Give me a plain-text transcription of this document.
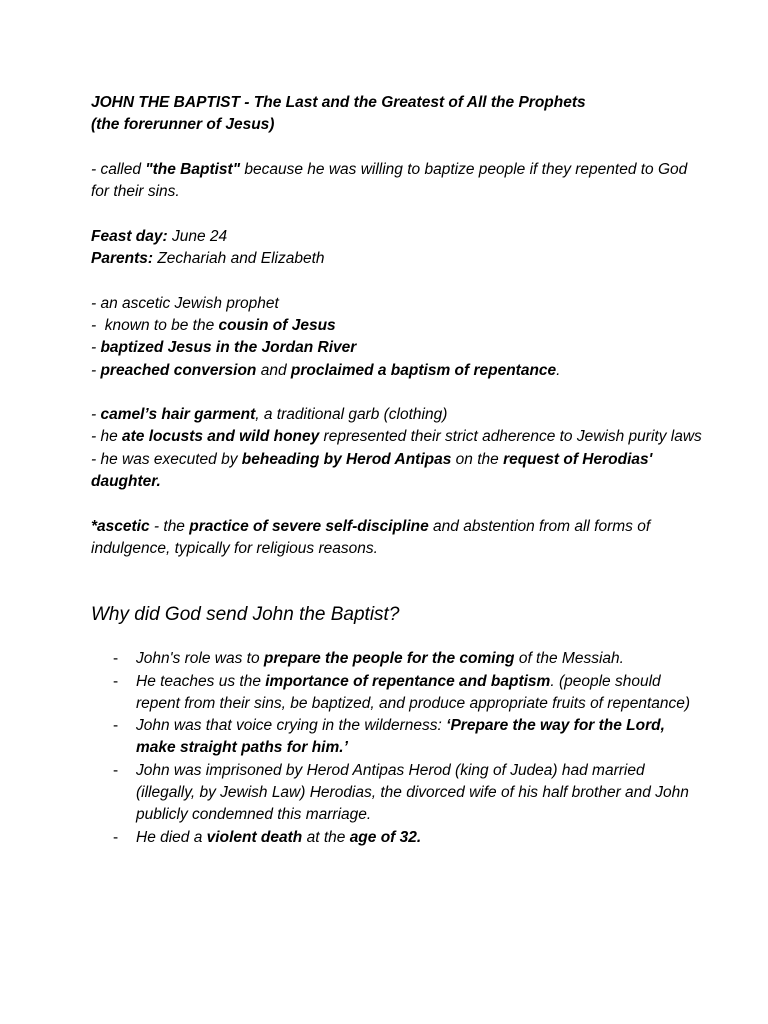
JOHN THE BAPTIST - The Last and the Greatest of All the Prophets
(the forerunner of Jesus)

- called "the Baptist" because he was willing to baptize people if they repented to God for their sins.

Feast day: June 24

Parents: Zechariah and Elizabeth

- an ascetic Jewish prophet

-  known to be the cousin of Jesus

- baptized Jesus in the Jordan River

- preached conversion and proclaimed a baptism of repentance.

- camel’s hair garment, a traditional garb (clothing)

- he ate locusts and wild honey represented their strict adherence to Jewish purity laws

- he was executed by beheading by Herod Antipas on the request of Herodias' daughter.

*ascetic - the practice of severe self-discipline and abstention from all forms of indulgence, typically for religious reasons.

Why did God send John the Baptist?
- John's role was to prepare the people for the coming of the Messiah.
- He teaches us the importance of repentance and baptism. (people should repent from their sins, be baptized, and produce appropriate fruits of repentance)
- John was that voice crying in the wilderness: ‘Prepare the way for the Lord, make straight paths for him.’
- John was imprisoned by Herod Antipas Herod (king of Judea) had married (illegally, by Jewish Law) Herodias, the divorced wife of his half brother and John publicly condemned this marriage.
- He died a violent death at the age of 32.
